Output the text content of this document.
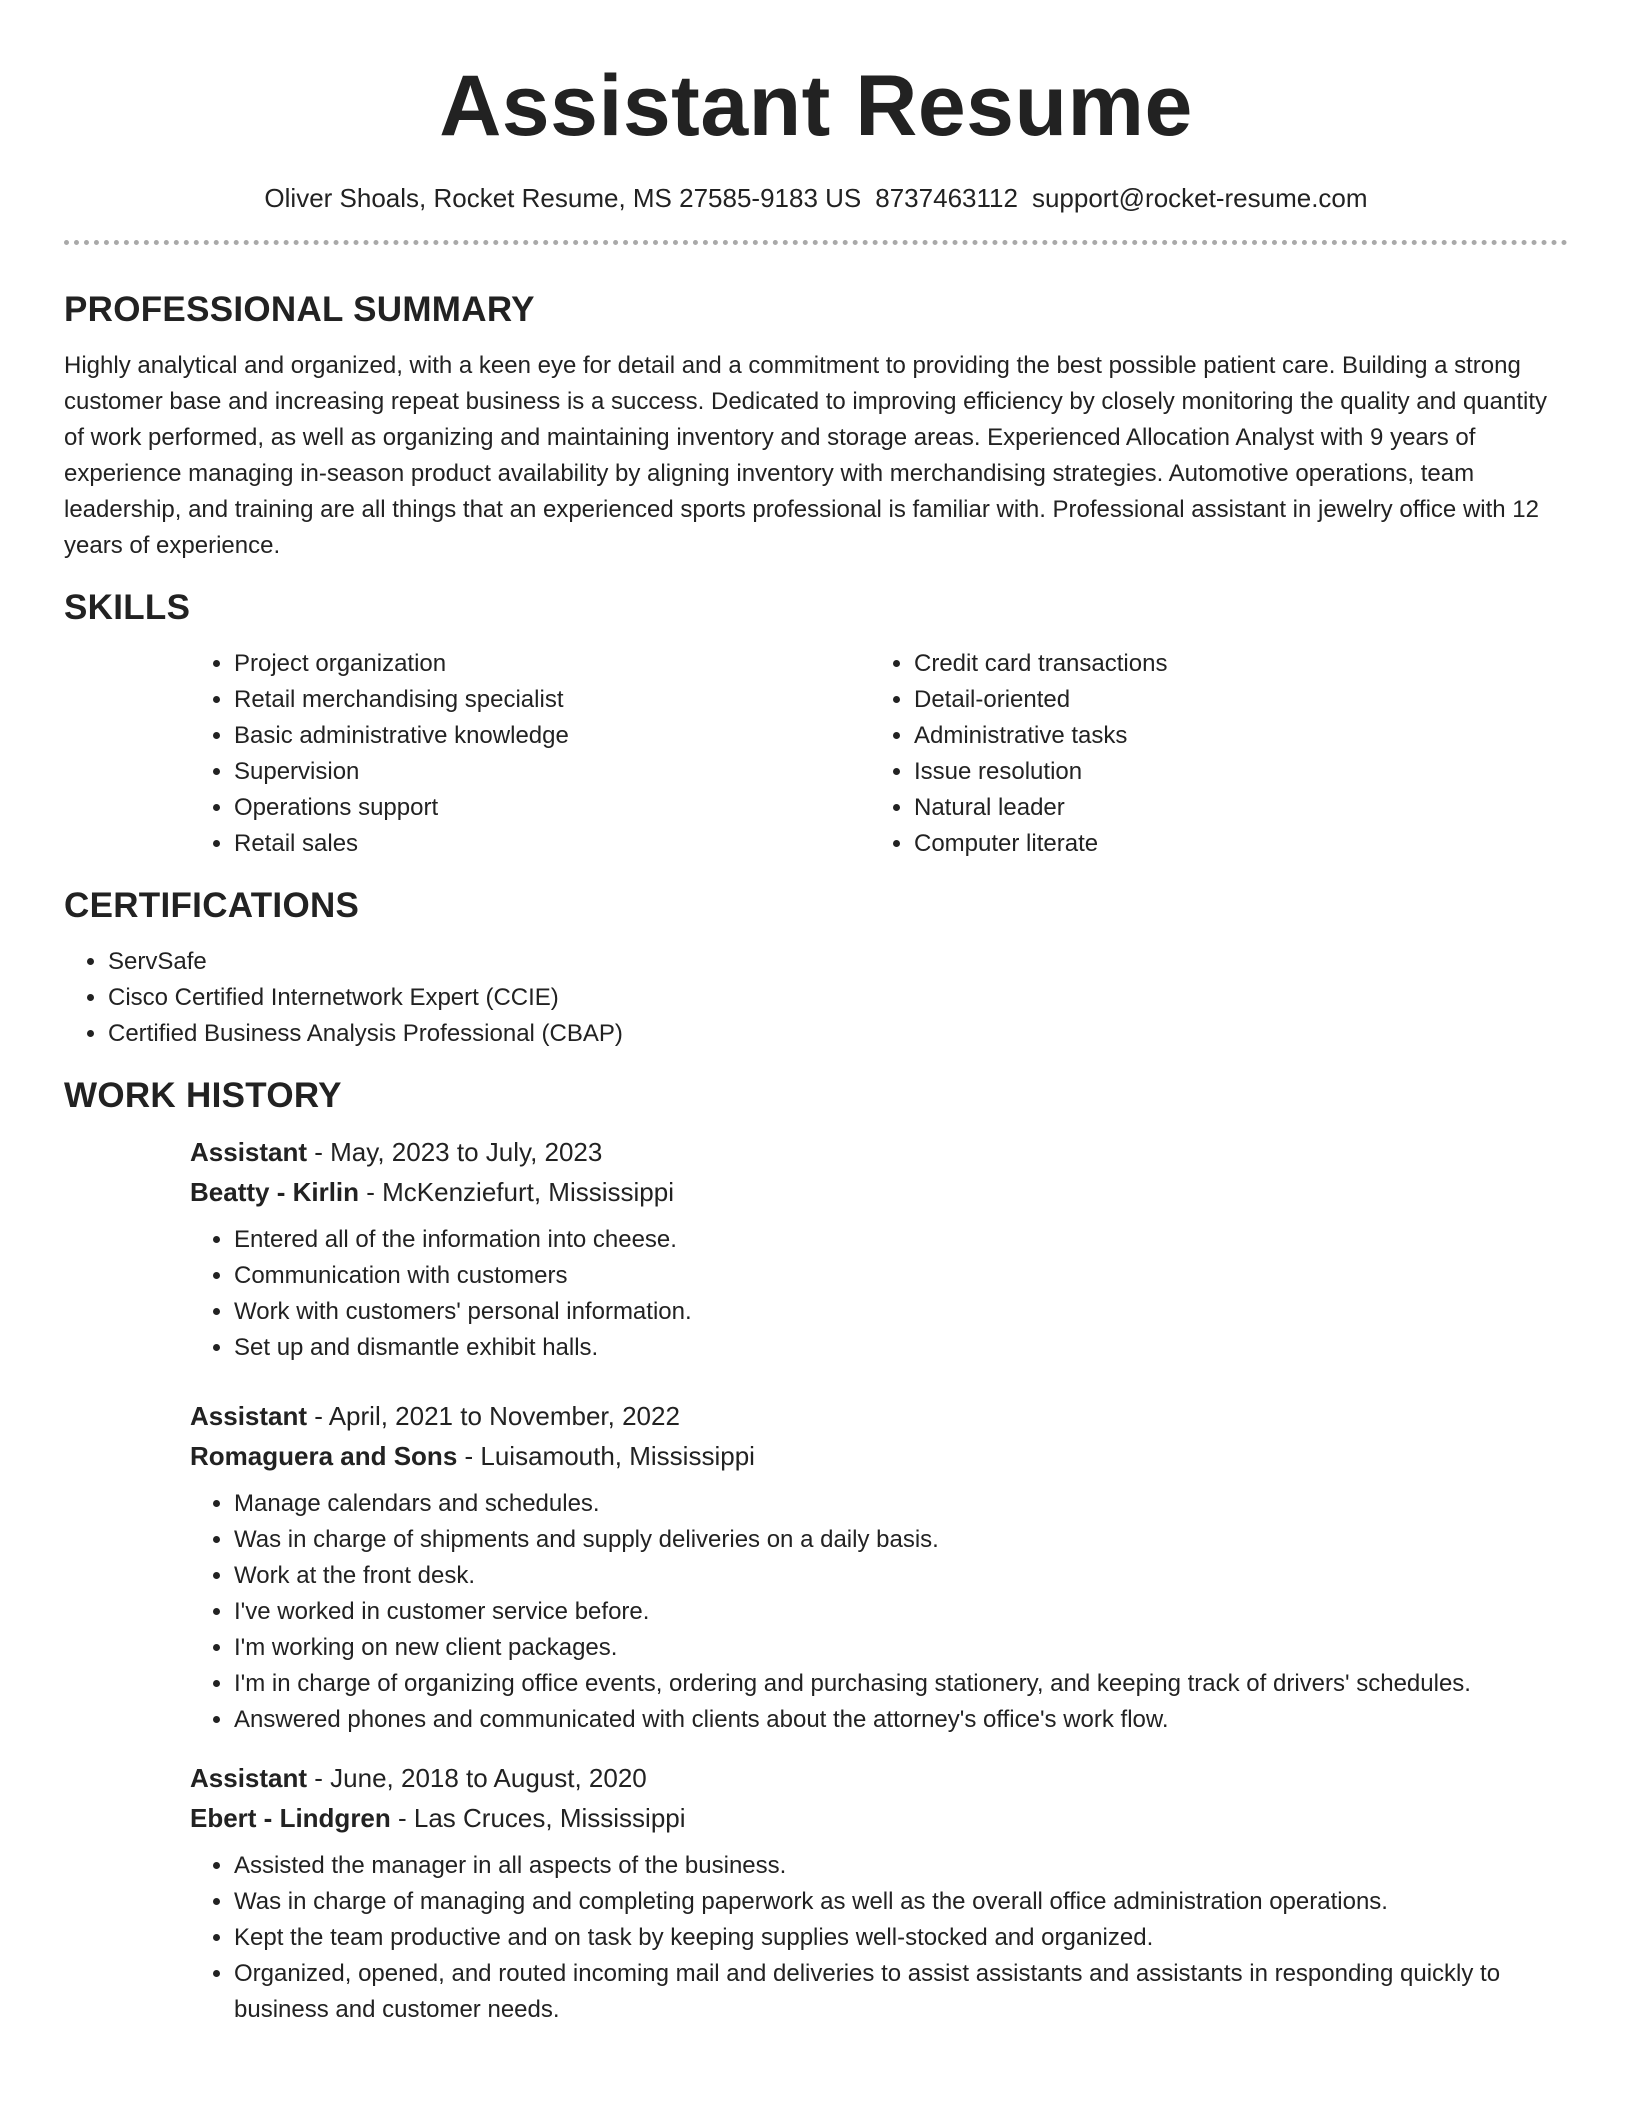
Assistant Resume
Oliver Shoals, Rocket Resume, MS 27585-9183 US 8737463112 support@rocket-resume.com
PROFESSIONAL SUMMARY

Highly analytical and organized, with a keen eye for detail and a commitment to providing the best possible patient care. Building a strong customer base and increasing repeat business is a success. Dedicated to improving efficiency by closely monitoring the quality and quantity of work performed, as well as organizing and maintaining inventory and storage areas. Experienced Allocation Analyst with 9 years of experience managing in-season product availability by aligning inventory with merchandising strategies. Automotive operations, team leadership, and training are all things that an experienced sports professional is familiar with. Professional assistant in jewelry office with 12 years of experience.

SKILLS
• Project organization
• Retail merchandising specialist
• Basic administrative knowledge
• Supervision
• Operations support
• Retail sales
• Credit card transactions
• Detail-oriented
• Administrative tasks
• Issue resolution
• Natural leader
• Computer literate
CERTIFICATIONS
• ServSafe
• Cisco Certified Internetwork Expert (CCIE)
• Certified Business Analysis Professional (CBAP)
WORK HISTORY
Assistant - May, 2023 to July, 2023
Beatty - Kirlin - McKenziefurt, Mississippi
• Entered all of the information into cheese.
• Communication with customers
• Work with customers' personal information.
• Set up and dismantle exhibit halls.
Assistant - April, 2021 to November, 2022
Romaguera and Sons - Luisamouth, Mississippi
• Manage calendars and schedules.
• Was in charge of shipments and supply deliveries on a daily basis.
• Work at the front desk.
• I've worked in customer service before.
• I'm working on new client packages.
• I'm in charge of organizing office events, ordering and purchasing stationery, and keeping track of drivers' schedules.
• Answered phones and communicated with clients about the attorney's office's work flow.
Assistant - June, 2018 to August, 2020
Ebert - Lindgren - Las Cruces, Mississippi
• Assisted the manager in all aspects of the business.
• Was in charge of managing and completing paperwork as well as the overall office administration operations.
• Kept the team productive and on task by keeping supplies well-stocked and organized.
• Organized, opened, and routed incoming mail and deliveries to assist assistants and assistants in responding quickly to business and customer needs.
